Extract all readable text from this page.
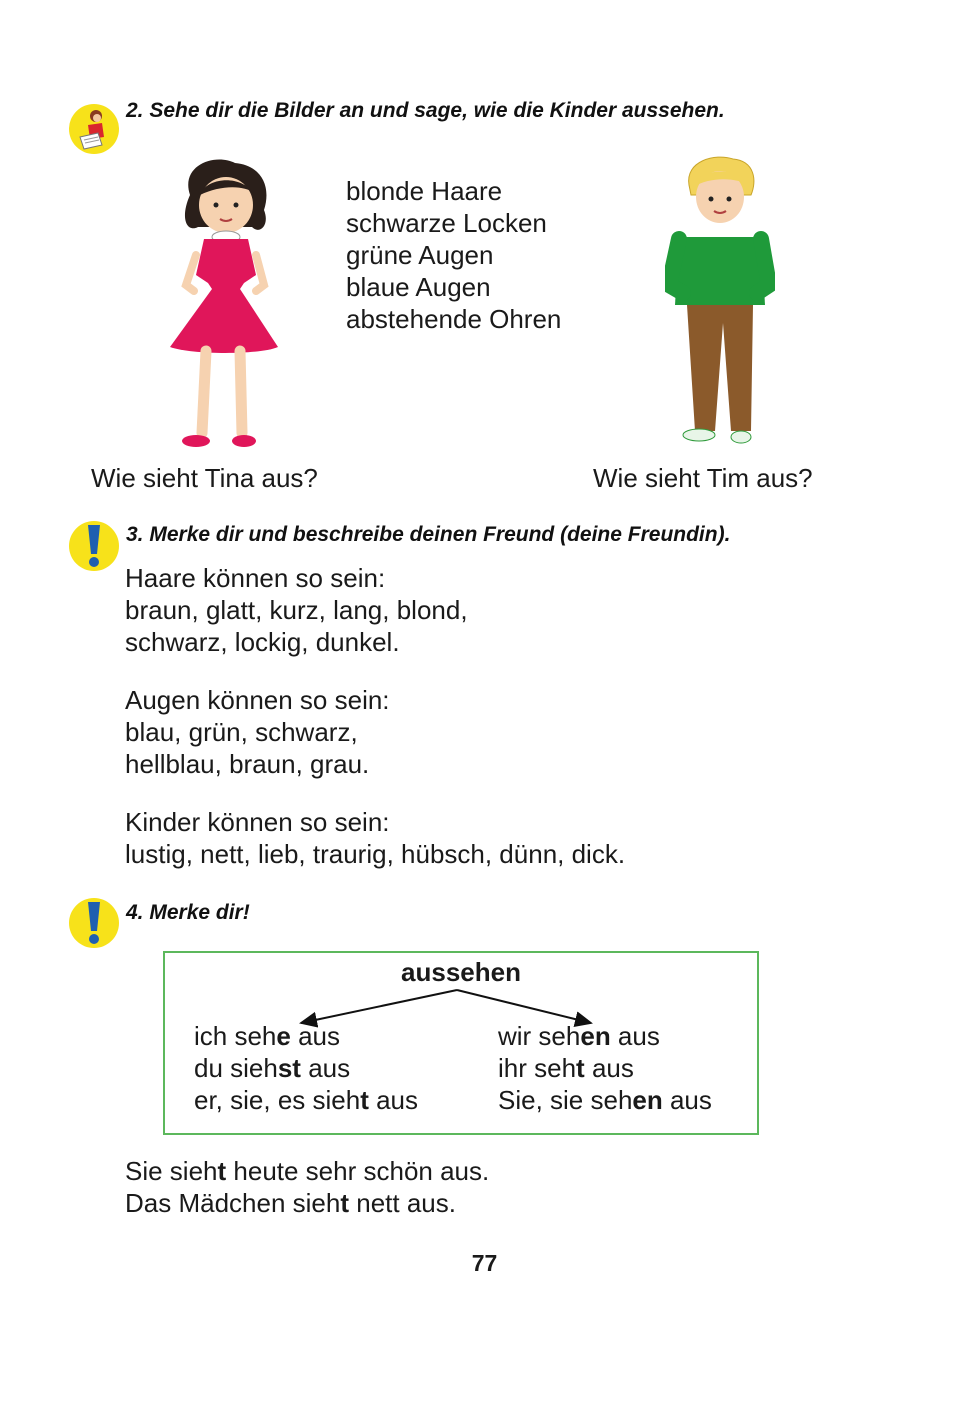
2. Sehe dir die Bilder an und sage, wie die Kinder aussehen.
blonde Haare
schwarze Locken
grüne Augen
blaue Augen
abstehende Ohren
Wie sieht Tina aus?	Wie sieht Tim aus?
3. Merke dir und beschreibe deinen Freund (deine Freundin).
Haare können so sein:
braun, glatt, kurz, lang, blond,
schwarz, lockig, dunkel.
Augen können so sein:
blau, grün, schwarz,
hellblau, braun, grau.
Kinder können so sein:
lustig, nett, lieb, traurig, hübsch, dünn, dick.
4. Merke dir!
aussehen
ich sehe aus
du siehst aus
er, sie, es sieht aus
wir sehen aus
ihr seht aus
Sie, sie sehen aus
Sie sieht heute sehr schön aus.
Das Mädchen sieht nett aus.
77
